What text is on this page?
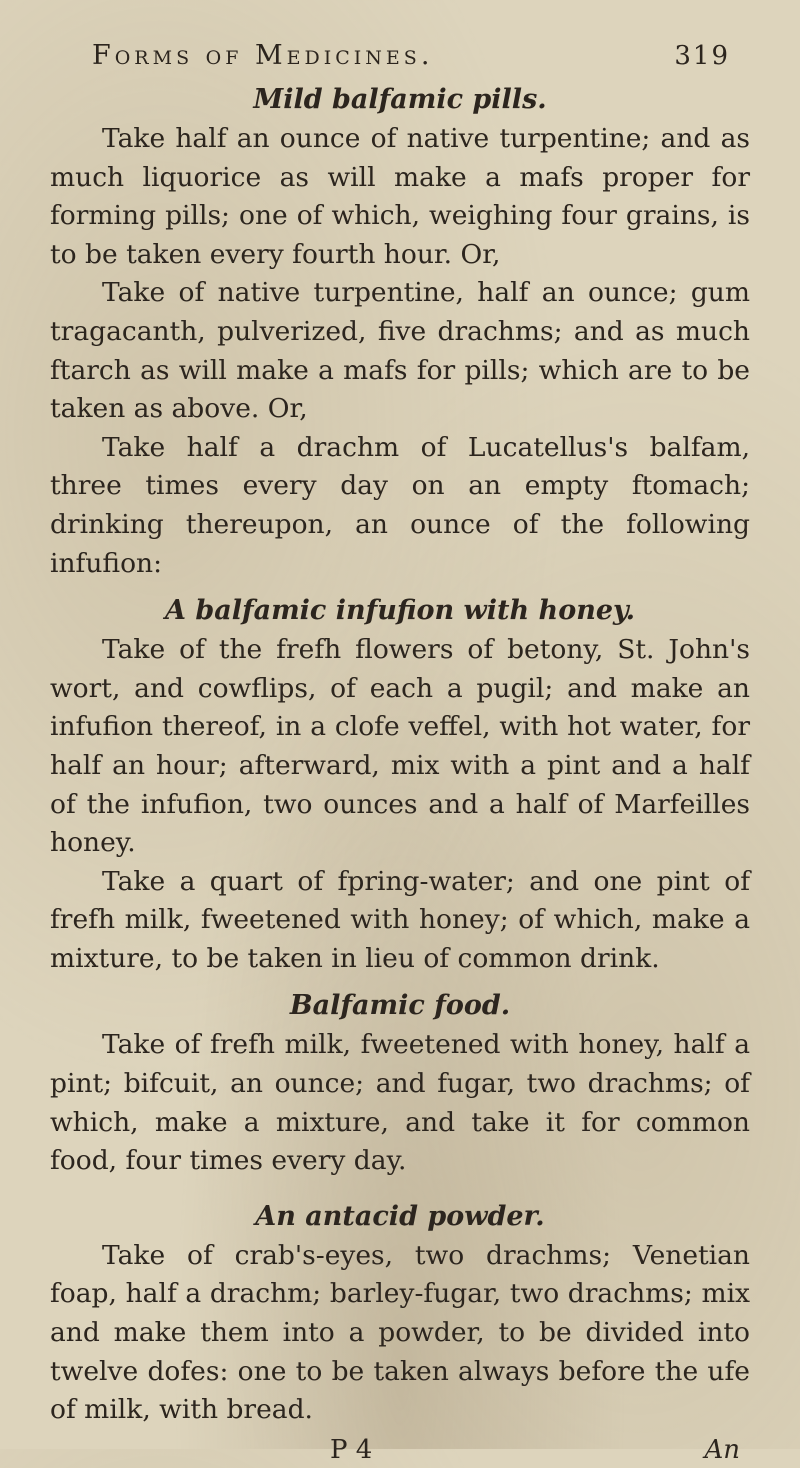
Forms of Medicines.	319
Mild balfamic pills.

Take half an ounce of native turpentine; and as much liquorice as will make a mafs proper for forming pills; one of which, weighing four grains, is to be taken every fourth hour. Or,

Take of native turpentine, half an ounce; gum tragacanth, pulverized, five drachms; and as much ftarch as will make a mafs for pills; which are to be taken as above. Or,

Take half a drachm of Lucatellus's balfam, three times every day on an empty ftomach; drinking thereupon, an ounce of the following infufion:

A balfamic infufion with honey.

Take of the frefh flowers of betony, St. John's wort, and cowflips, of each a pugil; and make an infufion thereof, in a clofe veffel, with hot water, for half an hour; afterward, mix with a pint and a half of the infufion, two ounces and a half of Marfeilles honey.

Take a quart of fpring-water; and one pint of frefh milk, fweetened with honey; of which, make a mixture, to be taken in lieu of common drink.

Balfamic food.

Take of frefh milk, fweetened with honey, half a pint; bifcuit, an ounce; and fugar, two drachms; of which, make a mixture, and take it for common food, four times every day.

An antacid powder.

Take of crab's-eyes, two drachms; Venetian foap, half a drachm; barley-fugar, two drachms; mix and make them into a powder, to be divided into twelve dofes: one to be taken always before the ufe of milk, with bread.

P 4	An
